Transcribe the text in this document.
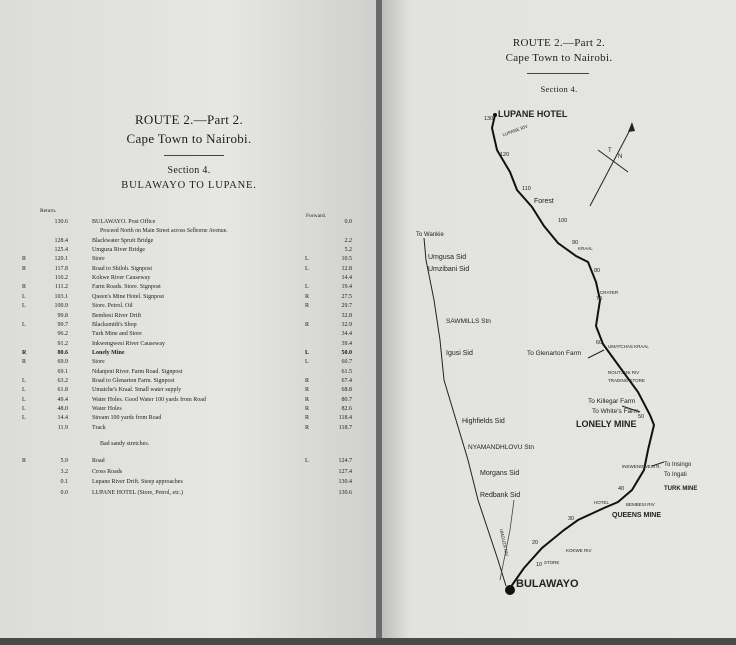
ROUTE 2.—Part 2.
Cape Town to Nairobi.
Section 4.
BULAWAYO TO LUPANE.
Return.
Forward.
130.6	BULAWAYO. Post Office	0.0
Proceed North on Main Street across Selborne Avenue.
128.4	Blackwater Spruit Bridge	2.2
125.4	Umguza River Bridge	5.2
R	120.1	Store	L	10.5
R	117.8	Road to Shiloh. Signpost	L	12.8
116.2	Kokwe River Causeway	14.4
R	111.2	Farm Roads. Store. Signpost	L	19.4
L	103.1	Queen's Mine Hotel. Signpost	R	27.5
L	100.9	Store. Petrol. Oil	R	29.7
99.8	Bembesi River Drift	32.8
L	99.7	Blacksmith's Shop	R	32.9
96.2	Turk Mine and Store	34.4
91.2	Inkwengwesi River Causeway	39.4
R	80.6	Lonely Mine	L	50.0
R	69.9	Store	L	60.7
69.1	Ndanjeni River. Farm Road. Signpost	61.5
L	63.2	Road to Glenarton Farm. Signpost	R	67.4
L	61.8	Umatche's Kraal. Small water supply	R	68.8
L	49.4	Water Holes. Good Water 100 yards from Road	R	80.7
L	48.0	Water Holes	R	82.6
L	14.4	Stream 100 yards from Road	R	118.4
11.9	Track	R	118.7
Bad sandy stretches.
R	5.9	Road	L	124.7
3.2	Cross Roads	127.4
0.1	Lupane River Drift. Steep approaches	130.4
0.0	LUPANE HOTEL (Store, Petrol, etc.)	130.6
ROUTE 2.—Part 2.
Cape Town to Nairobi.
Section 4.
LUPANE HOTEL
Forest
To Wankie
Umgusa Sid
Umzibani Sid
SAWMILLS Stn
Igusi Sid	To Glenarton Farm
To Killegar Farm
To White's Farm
LONELY MINE
Highfields Sid
NYAMANDHLOVU Stn
Morgans Sid
Redbank Sid
To Insingo
To Ingati
TURK MINE
QUEENS MINE
BULAWAYO
LUPANE RIV
KRAAL
CRATER
UMATCHAS KRAAL
ROUTJANI RIV
TRADING STORE
INKWENGWESI R.
HOTEL	BEMBESI RIV
KOKWE RIV
STORE
UMGUZA RIV
T
N
130
120
110
100
90
80
70
60
50
40
30
20
10
